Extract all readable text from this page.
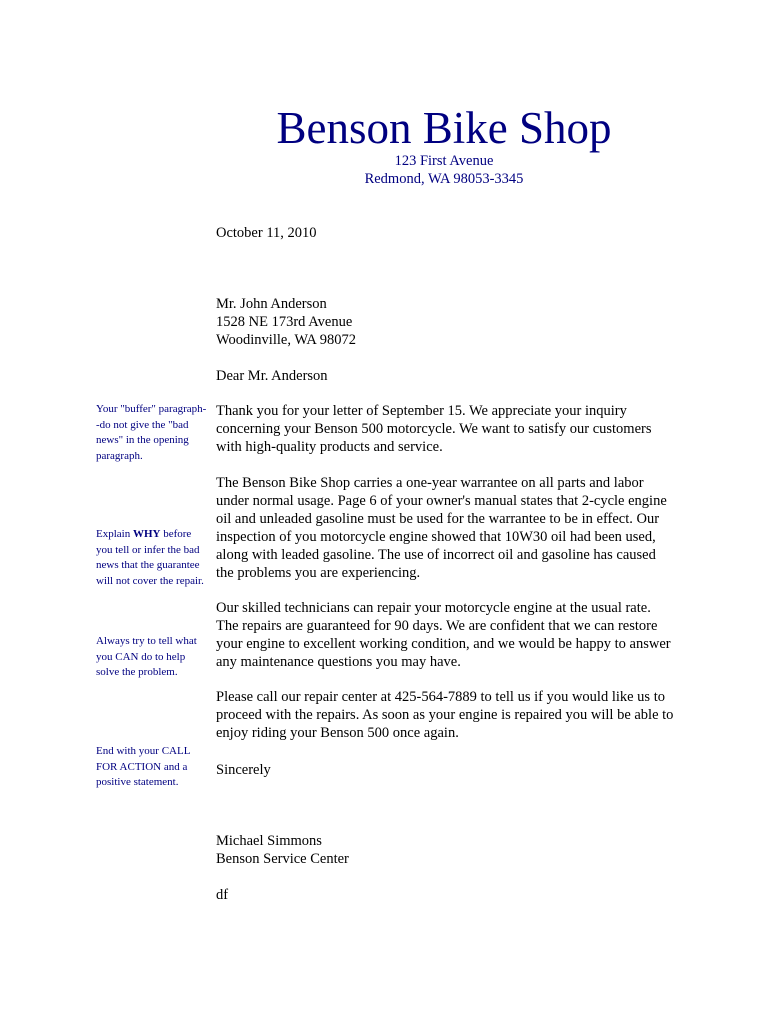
Benson Bike Shop
123 First Avenue
Redmond, WA 98053-3345
October 11, 2010
Mr. John Anderson
1528 NE 173rd Avenue
Woodinville, WA 98072
Dear Mr. Anderson

Thank you for your letter of September 15. We appreciate your inquiry concerning your Benson 500 motorcycle. We want to satisfy our customers with high-quality products and service.

The Benson Bike Shop carries a one-year warrantee on all parts and labor under normal usage. Page 6 of your owner's manual states that 2-cycle engine oil and unleaded gasoline must be used for the warrantee to be in effect. Our inspection of you motorcycle engine showed that 10W30 oil had been used, along with leaded gasoline. The use of incorrect oil and gasoline has caused the problems you are experiencing.

Our skilled technicians can repair your motorcycle engine at the usual rate. The repairs are guaranteed for 90 days. We are confident that we can restore your engine to excellent working condition, and we would be happy to answer any maintenance questions you may have.

Please call our repair center at 425-564-7889 to tell us if you would like us to proceed with the repairs. As soon as your engine is repaired you will be able to enjoy riding your Benson 500 once again.

Sincerely
Michael Simmons
Benson Service Center
df
Your "buffer" paragraph--do not give the "bad news" in the opening paragraph.
Explain WHY before you tell or infer the bad news that the guarantee will not cover the repair.
Always try to tell what you CAN do to help solve the problem.
End with your CALL FOR ACTION and a positive statement.
